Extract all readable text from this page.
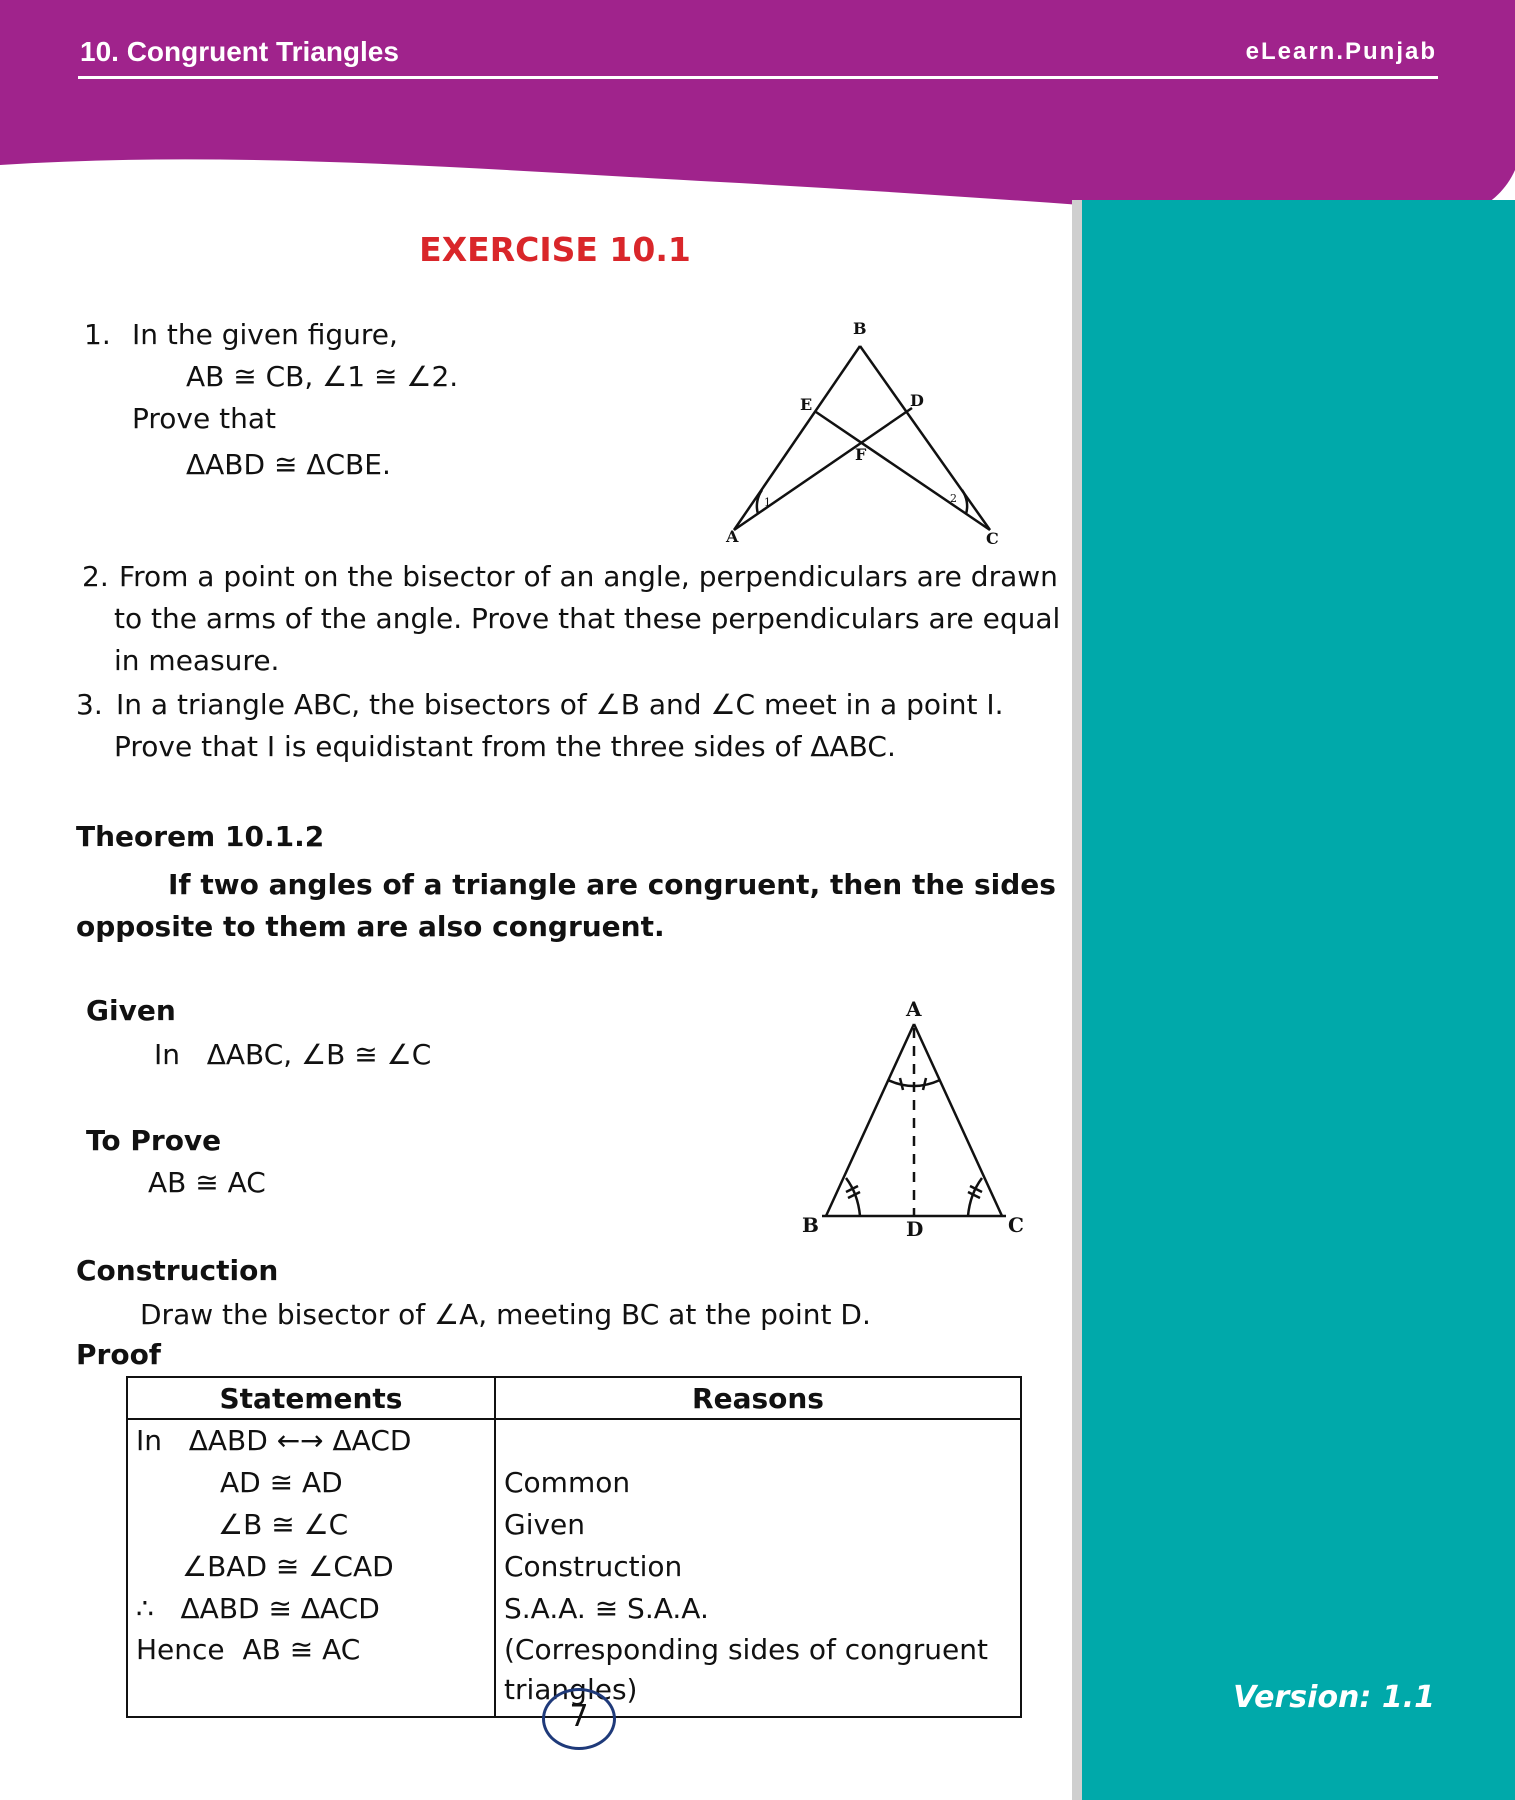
10. Congruent Triangles	eLearn.Punjab
Version: 1.1
EXERCISE 10.1
1. In the given figure,
AB ≅ CB, ∠1 ≅ ∠2.
Prove that
ΔABD ≅ ΔCBE.
B
E	D
F
A	C
1	2
2. From a point on the bisector of an angle, perpendiculars are drawn
to the arms of the angle. Prove that these perpendiculars are equal
in measure.
3. In a triangle ABC, the bisectors of ∠B and ∠C meet in a point I.
Prove that I is equidistant from the three sides of ΔABC.
Theorem 10.1.2
If two angles of a triangle are congruent, then the sides
opposite to them are also congruent.
Given
In   ΔABC, ∠B ≅ ∠C
To Prove
AB ≅ AC
A
B	D	C
Construction
Draw the bisector of ∠A, meeting BC at the point D.
Proof
Statements	Reasons
In   ΔABD ←→ ΔACD	
AD ≅ AD	Common
∠B ≅ ∠C	Given
∠BAD ≅ ∠CAD	Construction
∴   ΔABD ≅ ΔACD	S.A.A. ≅ S.A.A.
Hence  AB ≅ AC	(Corresponding sides of congruent triangles)
7
